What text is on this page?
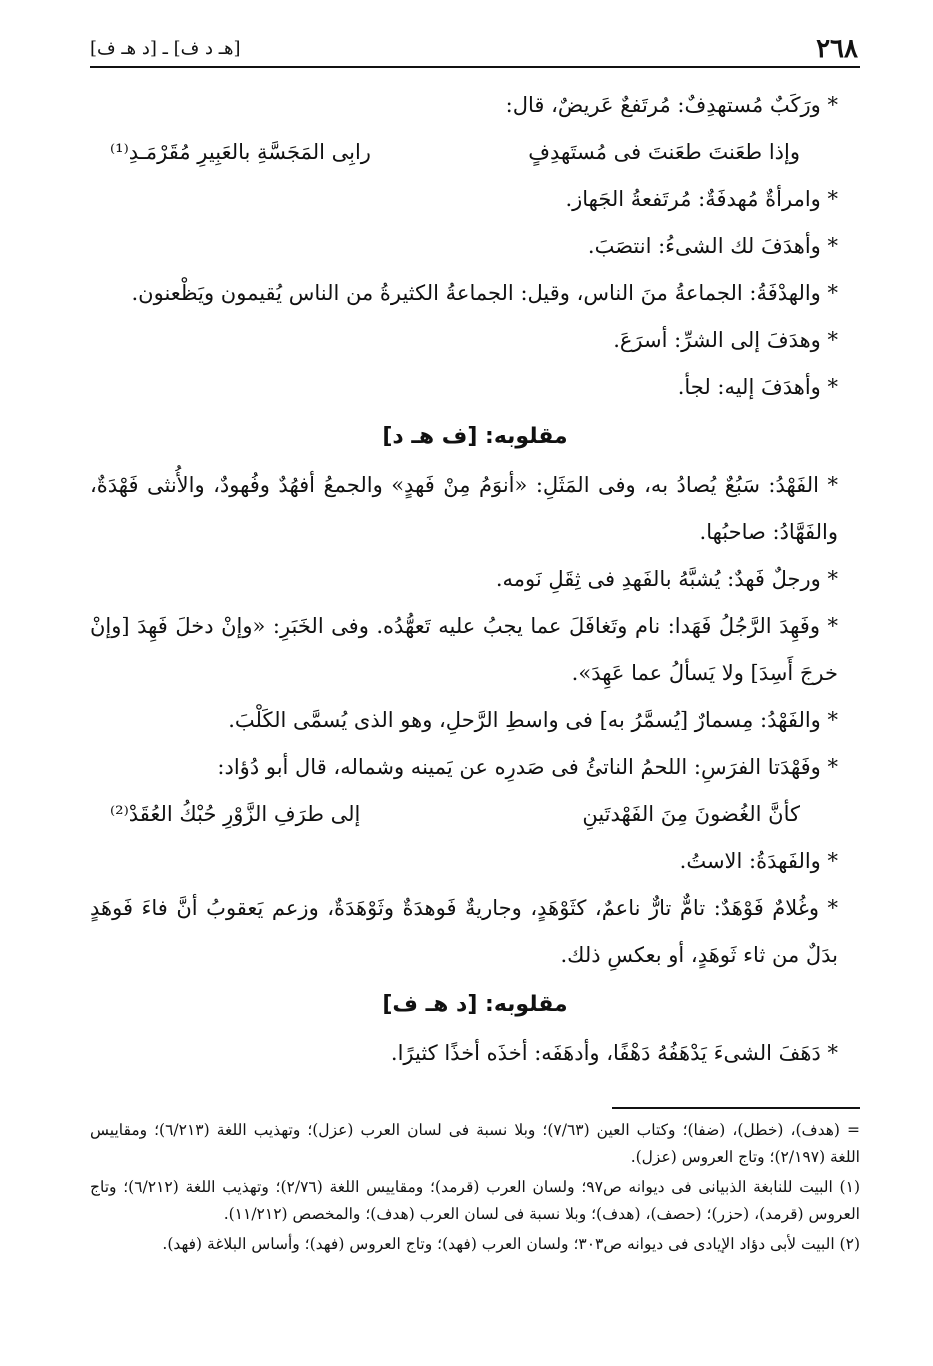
٢٦٨
[هـ د ف] ـ [د هـ ف]

* ورَكَبٌ مُستهدِفٌ: مُرتَفعٌ عَريضٌ، قال:

وإذا طعَنتَ طعَنتَ فى مُستَهدِفٍ
رابِى المَجَسَّةِ بالعَبِيرِ مُقَرْمَـدِ⁽¹⁾

* وامرأةٌ مُهدفَةٌ: مُرتَفعةُ الجَهاز.

* وأهدَفَ لك الشىءُ: انتصَبَ.

* والهدْفَةُ: الجماعةُ منَ الناس، وقيل: الجماعةُ الكثيرةُ من الناس يُقيمون ويَظْعنون.

* وهدَفَ إلى الشرِّ: أسرَعَ.

* وأهدَفَ إليه: لجأ.

مقلوبه: [ف هـ د]

* الفَهْدُ: سَبُعٌ يُصادُ به، وفى المَثَلِ: «أنوَمُ مِنْ فَهدٍ» والجمعُ أفهُدٌ وفُهودٌ، والأُنثى فَهْدَةٌ، والفَهَّادُ: صاحبُها.

* ورجلٌ فَهدٌ: يُشبَّهُ بالفَهدِ فى ثِقَلِ نَومه.

* وفَهِدَ الرَّجُلُ فَهَدا: نام وتَغافَلَ عما يجبُ عليه تَعهُّدُه. وفى الخَبَرِ: «وإنْ دخلَ فَهِدَ [وإنْ خرجَ أَسِدَ] ولا يَسألُ عما عَهِدَ».

* والفَهْدُ: مِسمارٌ [يُسمَّرُ به] فى واسطِ الرَّحلِ، وهو الذى يُسمَّى الكَلْبَ.

* وفَهْدَتا الفرَسِ: اللحمُ الناتئُ فى صَدرِه عن يَمينه وشماله، قال أبو دُؤاد:

كأنَّ الغُضونَ مِنَ الفَهْدتَينِ
إلى طرَفِ الزَّوْرِ حُبْكُ العُقَدْ⁽²⁾

* والفَهدَةُ: الاستُ.

* وغُلامٌ فَوْهَدٌ: تامٌّ تارٌّ ناعمٌ، كثَوْهَدٍ، وجاريةٌ فَوهدَةٌ وثَوْهَدَةٌ، وزعم يَعقوبُ أنَّ فاءَ فَوهَدٍ بدَلٌ من ثاء ثَوهَدٍ، أو بعكسِ ذلك.

مقلوبه: [د هـ ف]

* دَهَفَ الشىءَ يَدْهَفُهُ دَهْفًا، وأدهَفَه: أخذَه أخذًا كثيرًا.

= (هدف)، (خطل)، (ضفا)؛ وكتاب العين (٧/٦٣)؛ وبلا نسبة فى لسان العرب (عزل)؛ وتهذيب اللغة (٦/٢١٣)؛ ومقاييس اللغة (٢/١٩٧)؛ وتاج العروس (عزل).

(١) البيت للنابغة الذبيانى فى ديوانه ص٩٧؛ ولسان العرب (قرمد)؛ ومقاييس اللغة (٢/٧٦)؛ وتهذيب اللغة (٦/٢١٢)؛ وتاج العروس (قرمد)، (حزر)؛ (حصف)، (هدف)؛ وبلا نسبة فى لسان العرب (هدف)؛ والمخصص (١١/٢١٢).

(٢) البيت لأبى دؤاد الإيادى فى ديوانه ص٣٠٣؛ ولسان العرب (فهد)؛ وتاج العروس (فهد)؛ وأساس البلاغة (فهد).
